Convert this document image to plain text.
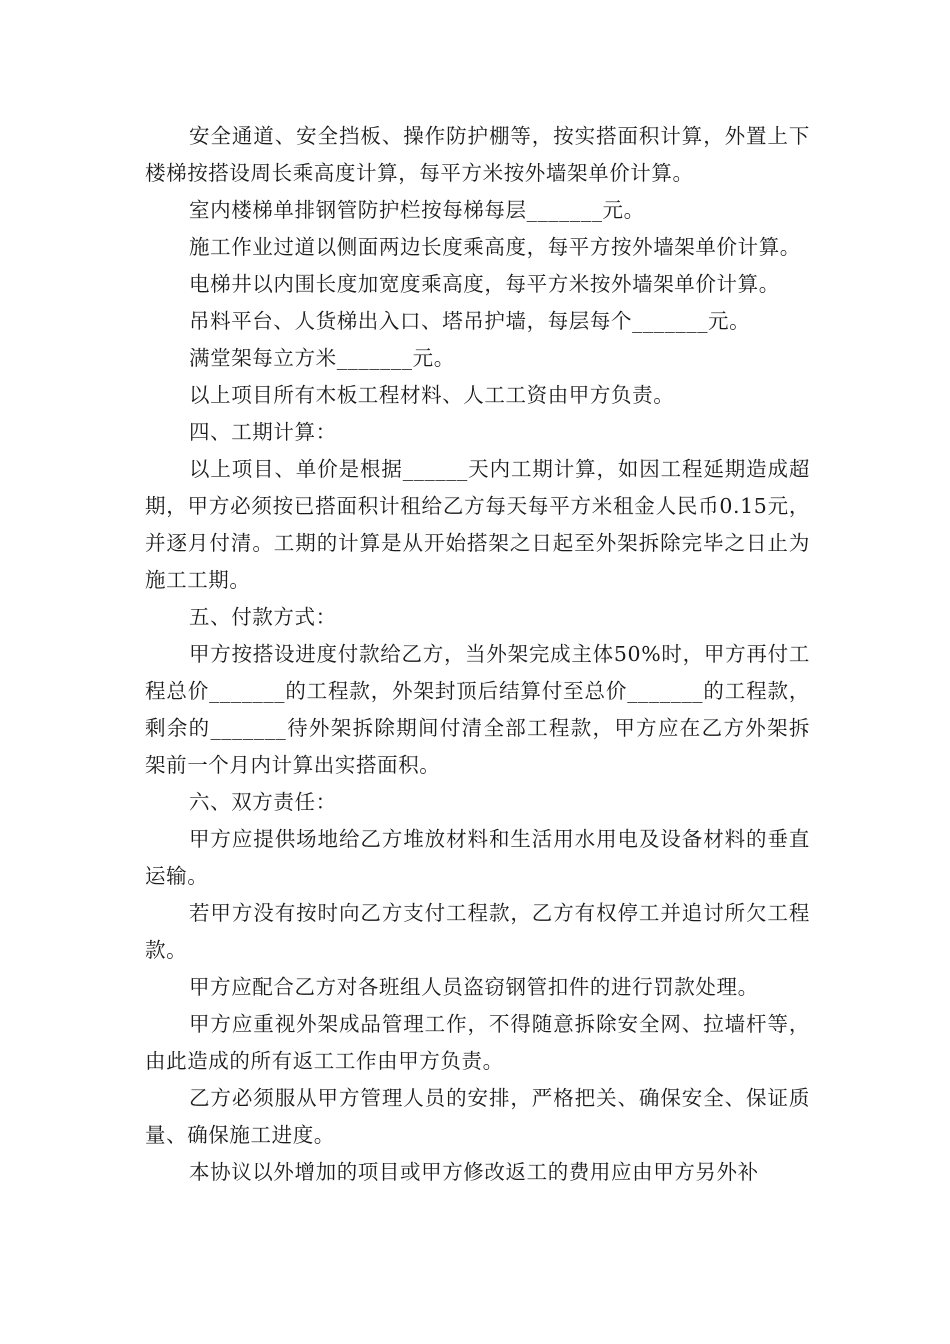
安全通道、安全挡板、操作防护棚等，按实搭面积计算，外置上下楼梯按搭设周长乘高度计算，每平方米按外墙架单价计算。

室内楼梯单排钢管防护栏按每梯每层_______元。

施工作业过道以侧面两边长度乘高度，每平方按外墙架单价计算。

电梯井以内围长度加宽度乘高度，每平方米按外墙架单价计算。

吊料平台、人货梯出入口、塔吊护墙，每层每个_______元。

满堂架每立方米_______元。

以上项目所有木板工程材料、人工工资由甲方负责。

四、工期计算：

以上项目、单价是根据______天内工期计算，如因工程延期造成超期，甲方必须按已搭面积计租给乙方每天每平方米租金人民币0.15元，并逐月付清。工期的计算是从开始搭架之日起至外架拆除完毕之日止为施工工期。

五、付款方式：

甲方按搭设进度付款给乙方，当外架完成主体50%时，甲方再付工程总价_______的工程款，外架封顶后结算付至总价_______的工程款，剩余的_______待外架拆除期间付清全部工程款，甲方应在乙方外架拆架前一个月内计算出实搭面积。

六、双方责任：

甲方应提供场地给乙方堆放材料和生活用水用电及设备材料的垂直运输。

若甲方没有按时向乙方支付工程款，乙方有权停工并追讨所欠工程款。

甲方应配合乙方对各班组人员盗窃钢管扣件的进行罚款处理。

甲方应重视外架成品管理工作，不得随意拆除安全网、拉墙杆等，由此造成的所有返工工作由甲方负责。

乙方必须服从甲方管理人员的安排，严格把关、确保安全、保证质量、确保施工进度。

本协议以外增加的项目或甲方修改返工的费用应由甲方另外补
